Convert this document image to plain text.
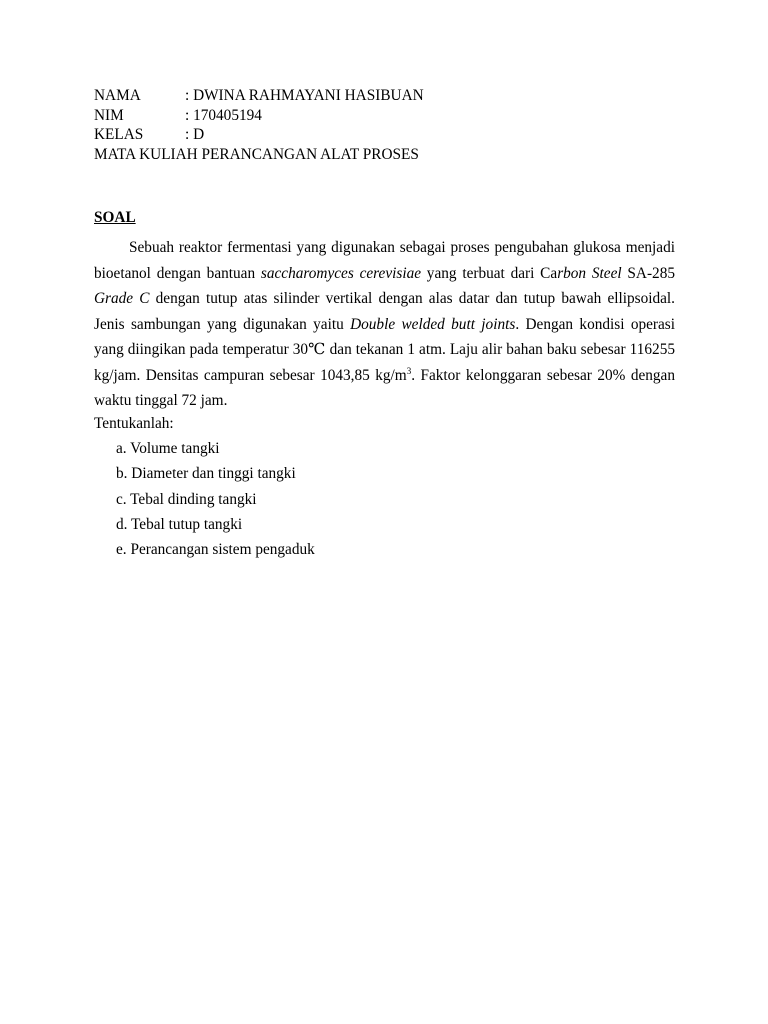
NAMA	: DWINA RAHMAYANI HASIBUAN
NIM	: 170405194
KELAS	: D
MATA KULIAH PERANCANGAN ALAT PROSES
SOAL

Sebuah reaktor fermentasi yang digunakan sebagai proses pengubahan glukosa menjadi bioetanol dengan bantuan saccharomyces cerevisiae yang terbuat dari Carbon Steel SA-285 Grade C dengan tutup atas silinder vertikal dengan alas datar dan tutup bawah ellipsoidal. Jenis sambungan yang digunakan yaitu Double welded butt joints. Dengan kondisi operasi yang diingikan pada temperatur 30℃ dan tekanan 1 atm. Laju alir bahan baku sebesar 116255 kg/jam. Densitas campuran sebesar 1043,85 $kg/m^3$. Faktor kelonggaran sebesar 20% dengan waktu tinggal 72 jam.

Tentukanlah:
a. Volume tangki
b. Diameter dan tinggi tangki
c. Tebal dinding tangki
d. Tebal tutup tangki
e. Perancangan sistem pengaduk
